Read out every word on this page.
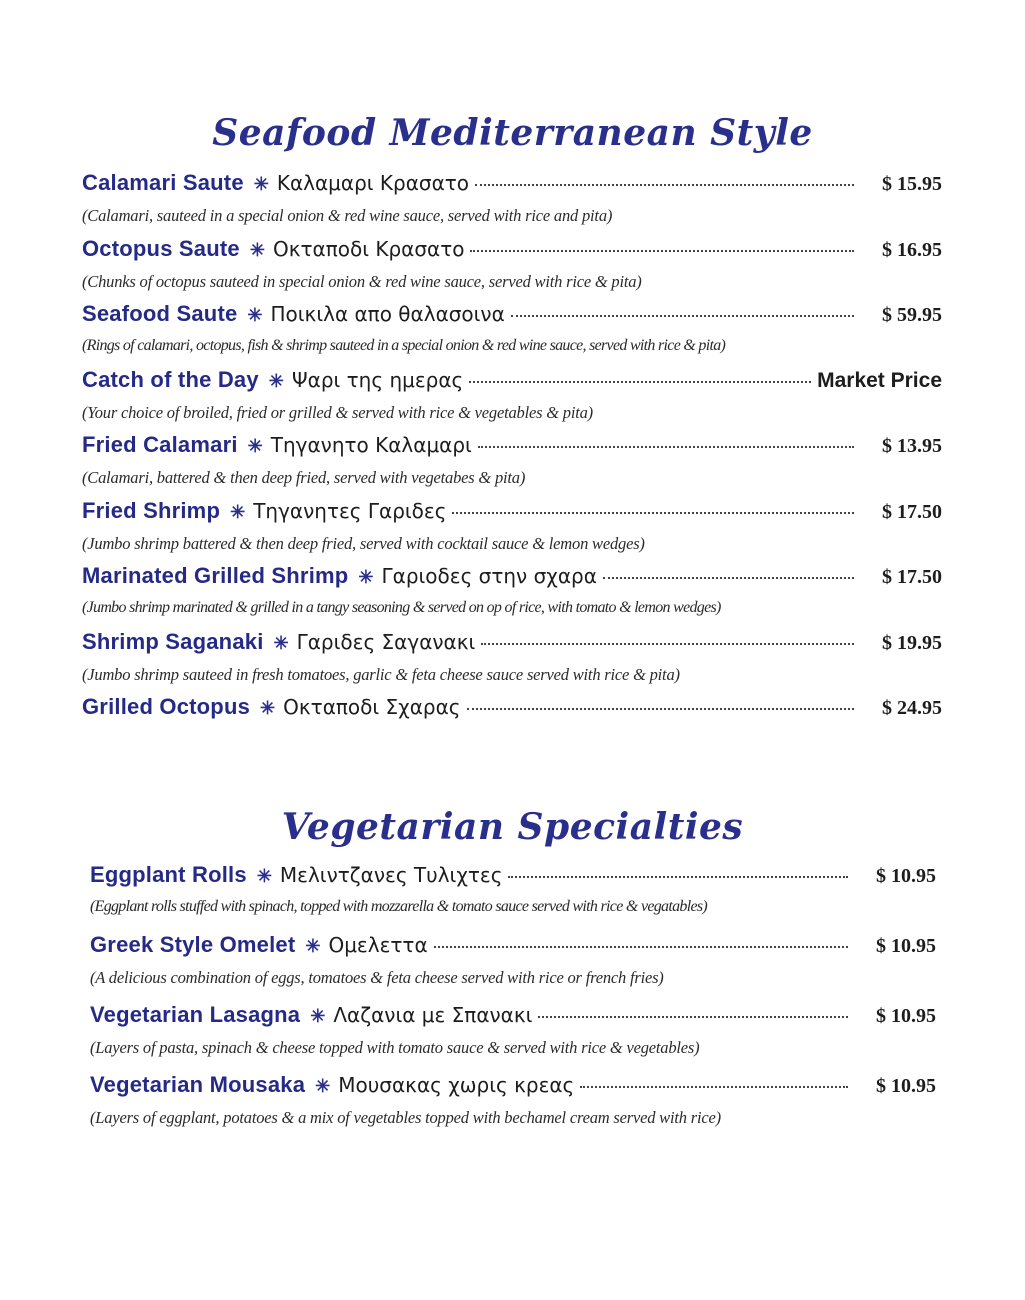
Seafood Mediterranean Style
Calamari Saute ✳ Καλαμαρι Κρασατο	$ 15.95
(Calamari, sauteed in a special onion & red wine sauce, served with rice and pita)
Octopus Saute ✳ Οκταποδι Κρασατο	$ 16.95
(Chunks of octopus sauteed in special onion & red wine sauce, served with rice & pita)
Seafood Saute ✳ Ποικιλα απο θαλασοινα	$ 59.95
(Rings of calamari, octopus, fish & shrimp sauteed in a special onion & red wine sauce, served with rice & pita)
Catch of the Day ✳ Ψαρι της ημερας	Market Price
(Your choice of broiled, fried or grilled & served with rice & vegetables & pita)
Fried Calamari ✳ Τηγανητο Καλαμαρι	$ 13.95
(Calamari, battered & then deep fried, served with vegetabes & pita)
Fried Shrimp ✳ Τηγανητες Γαριδες	$ 17.50
(Jumbo shrimp battered & then deep fried, served with cocktail sauce & lemon wedges)
Marinated Grilled Shrimp ✳ Γαριοδες στην σχαρα	$ 17.50
(Jumbo shrimp marinated & grilled in a tangy seasoning & served on op of rice, with tomato & lemon wedges)
Shrimp Saganaki ✳ Γαριδες Σαγανακι	$ 19.95
(Jumbo shrimp sauteed in fresh tomatoes, garlic & feta cheese sauce served with rice & pita)
Grilled Octopus ✳ Οκταποδι Σχαρας	$ 24.95
Vegetarian Specialties
Eggplant Rolls ✳ Μελιντζανες Τυλιχτες	$ 10.95
(Eggplant rolls stuffed with spinach, topped with mozzarella & tomato sauce served with rice & vegatables)
Greek Style Omelet ✳ Ομελεττα	$ 10.95
(A delicious combination of eggs, tomatoes & feta cheese served with rice or french fries)
Vegetarian Lasagna ✳ Λαζανια με Σπανακι	$ 10.95
(Layers of pasta, spinach & cheese topped with tomato sauce & served with rice & vegetables)
Vegetarian Mousaka ✳ Μουσακας χωρις κρεας	$ 10.95
(Layers of eggplant, potatoes & a mix of vegetables topped with bechamel cream served with rice)
